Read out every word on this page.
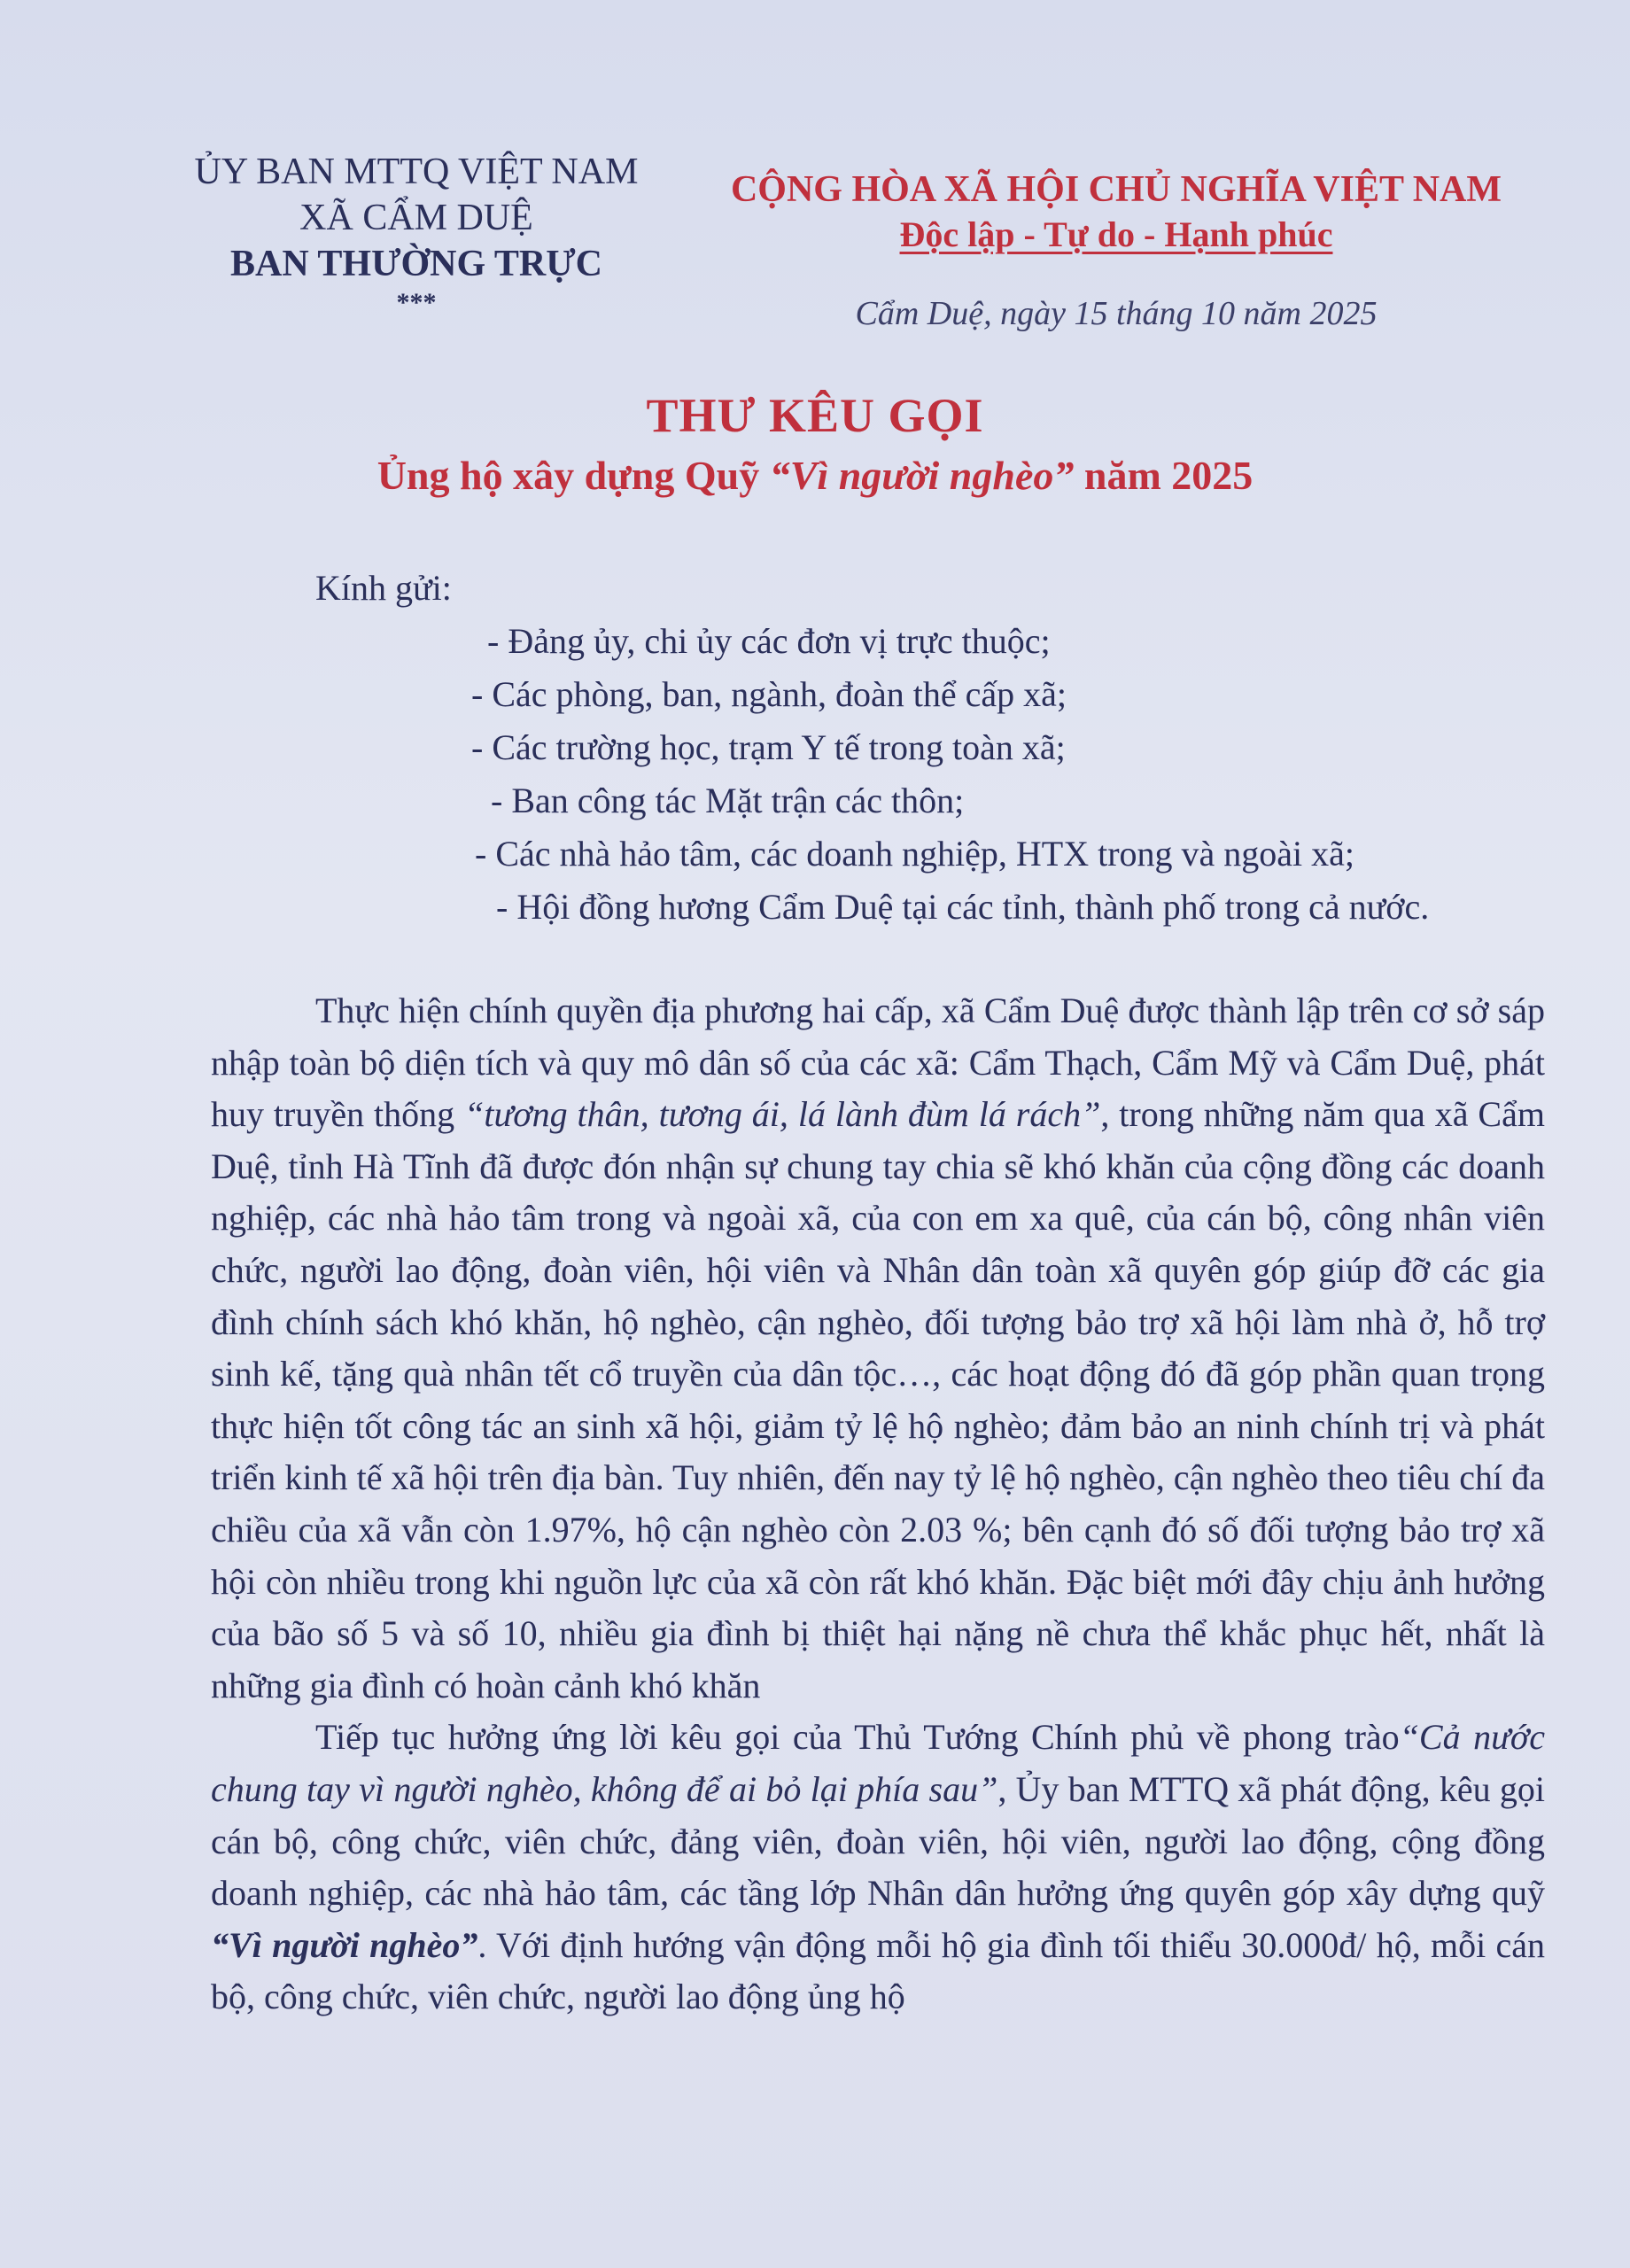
ỦY BAN MTTQ VIỆT NAM
XÃ CẨM DUỆ
BAN THƯỜNG TRỰC
***
CỘNG HÒA XÃ HỘI CHỦ NGHĨA VIỆT NAM
Độc lập - Tự do - Hạnh phúc
Cẩm Duệ, ngày 15 tháng 10 năm 2025
THƯ KÊU GỌI
Ủng hộ xây dựng Quỹ “Vì người nghèo” năm 2025
Kính gửi:
- Đảng ủy, chi ủy các đơn vị trực thuộc;
- Các phòng, ban, ngành, đoàn thể cấp xã;
- Các trường học, trạm Y tế trong toàn xã;
- Ban công tác Mặt trận các thôn;
- Các nhà hảo tâm, các doanh nghiệp, HTX trong và ngoài xã;
- Hội đồng hương Cẩm Duệ tại các tỉnh, thành phố trong cả nước.

Thực hiện chính quyền địa phương hai cấp, xã Cẩm Duệ được thành lập trên cơ sở sáp nhập toàn bộ diện tích và quy mô dân số của các xã: Cẩm Thạch, Cẩm Mỹ và Cẩm Duệ, phát huy truyền thống “tương thân, tương ái, lá lành đùm lá rách”, trong những năm qua xã Cẩm Duệ, tỉnh Hà Tĩnh đã được đón nhận sự chung tay chia sẽ khó khăn của cộng đồng các doanh nghiệp, các nhà hảo tâm trong và ngoài xã, của con em xa quê, của cán bộ, công nhân viên chức, người lao động, đoàn viên, hội viên và Nhân dân toàn xã quyên góp giúp đỡ các gia đình chính sách khó khăn, hộ nghèo, cận nghèo, đối tượng bảo trợ xã hội làm nhà ở, hỗ trợ sinh kế, tặng quà nhân tết cổ truyền của dân tộc…, các hoạt động đó đã góp phần quan trọng thực hiện tốt công tác an sinh xã hội, giảm tỷ lệ hộ nghèo; đảm bảo an ninh chính trị và phát triển kinh tế xã hội trên địa bàn. Tuy nhiên, đến nay tỷ lệ hộ nghèo, cận nghèo theo tiêu chí đa chiều của xã vẫn còn 1.97%, hộ cận nghèo còn 2.03 %; bên cạnh đó số đối tượng bảo trợ xã hội còn nhiều trong khi nguồn lực của xã còn rất khó khăn. Đặc biệt mới đây chịu ảnh hưởng của bão số 5 và số 10, nhiều gia đình bị thiệt hại nặng nề chưa thể khắc phục hết, nhất là những gia đình có hoàn cảnh khó khăn

Tiếp tục hưởng ứng lời kêu gọi của Thủ Tướng Chính phủ về phong trào“Cả nước chung tay vì người nghèo, không để ai bỏ lại phía sau”, Ủy ban MTTQ xã phát động, kêu gọi cán bộ, công chức, viên chức, đảng viên, đoàn viên, hội viên, người lao động, cộng đồng doanh nghiệp, các nhà hảo tâm, các tầng lớp Nhân dân hưởng ứng quyên góp xây dựng quỹ “Vì người nghèo”. Với định hướng vận động mỗi hộ gia đình tối thiểu 30.000đ/ hộ, mỗi cán bộ, công chức, viên chức, người lao động ủng hộ
